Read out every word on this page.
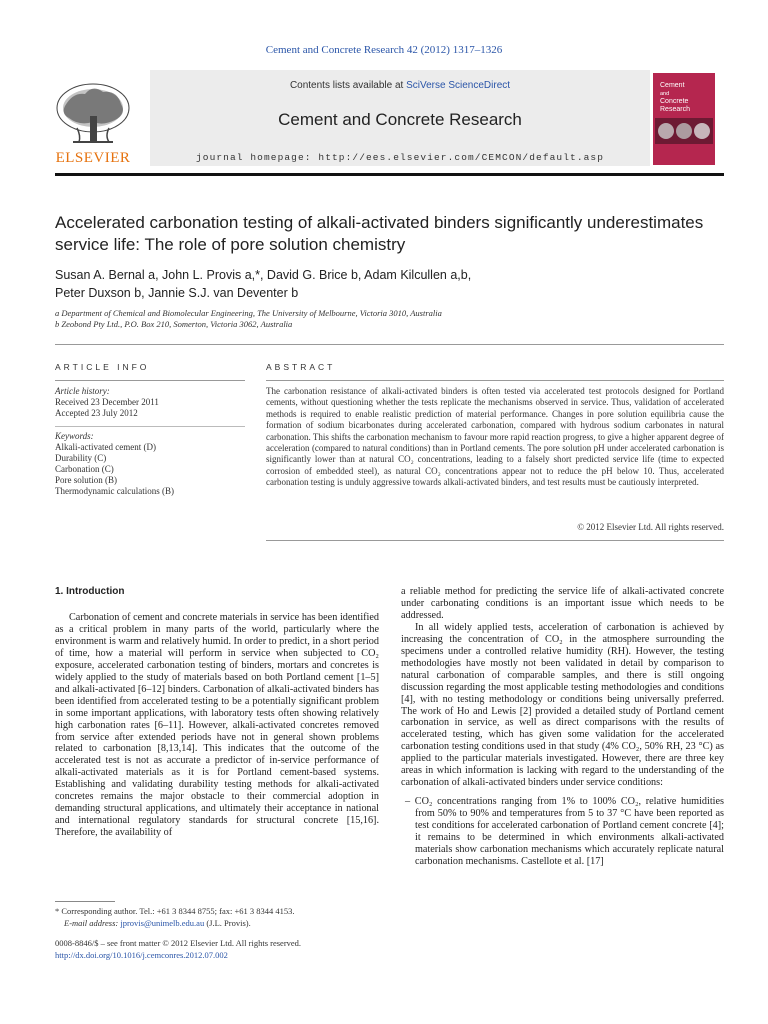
Cement and Concrete Research 42 (2012) 1317–1326
Contents lists available at SciVerse ScienceDirect
Cement and Concrete Research
journal homepage: http://ees.elsevier.com/CEMCON/default.asp
ELSEVIER
Cement
and
Concrete
Research
Accelerated carbonation testing of alkali-activated binders significantly underestimates service life: The role of pore solution chemistry
Susan A. Bernal a, John L. Provis a,*, David G. Brice b, Adam Kilcullen a,b,
Peter Duxson b, Jannie S.J. van Deventer b
a Department of Chemical and Biomolecular Engineering, The University of Melbourne, Victoria 3010, Australia
b Zeobond Pty Ltd., P.O. Box 210, Somerton, Victoria 3062, Australia
ARTICLE INFO	ABSTRACT
Article history:
Received 23 December 2011
Accepted 23 July 2012
Keywords:
Alkali-activated cement (D)
Durability (C)
Carbonation (C)
Pore solution (B)
Thermodynamic calculations (B)
The carbonation resistance of alkali-activated binders is often tested via accelerated test protocols designed for Portland cements, without questioning whether the tests replicate the mechanisms observed in service. Thus, validation of accelerated methods is required to enable realistic prediction of material performance. Changes in pore solution equilibria cause the formation of sodium bicarbonates during accelerated carbonation, compared with hydrous sodium carbonates in natural carbonation. This shifts the carbonation mechanism to favour more rapid reaction progress, to give a higher apparent degree of acceleration (compared to natural conditions) than in Portland cements. The pore solution pH under accelerated carbonation is significantly lower than at natural CO₂ concentrations, leading to a falsely short predicted service life (time to expected corrosion of embedded steel), as natural CO₂ concentrations appear not to reduce the pH below 10. Thus, accelerated carbonation testing is unduly aggressive towards alkali-activated binders, and test results must be cautiously interpreted.
© 2012 Elsevier Ltd. All rights reserved.
1. Introduction

Carbonation of cement and concrete materials in service has been identified as a critical problem in many parts of the world, particularly where the environment is warm and relatively humid. In order to predict, in a short period of time, how a material will perform in service when subjected to CO₂ exposure, accelerated carbonation testing of binders, mortars and concretes is widely applied to the study of materials based on both Portland cement [1–5] and alkali-activated [6–12] binders. Carbonation of alkali-activated binders has been identified from accelerated testing to be a potentially significant problem in some important applications, with laboratory tests often showing relatively high carbonation rates [6–11]. However, alkali-activated concretes removed from service after extended periods have not in general shown problems related to carbonation [8,13,14]. This indicates that the outcome of the accelerated test is not as accurate a predictor of in-service performance of alkali-activated materials as it is for Portland cement-based systems. Establishing and validating durability testing methods for alkali-activated concretes remains the major obstacle to their commercial adoption in demanding structural applications, and ultimately their acceptance in national and international regulatory standards for structural concrete [15,16]. Therefore, the availability of

a reliable method for predicting the service life of alkali-activated concrete under carbonating conditions is an important issue which needs to be addressed.

In all widely applied tests, acceleration of carbonation is achieved by increasing the concentration of CO₂ in the atmosphere surrounding the specimens under a controlled relative humidity (RH). However, the testing methodologies have mostly not been validated in detail by comparison to natural carbonation of comparable samples, and there is still ongoing discussion regarding the most applicable testing methodologies and conditions [4], with no testing methodology or conditions being universally preferred. The work of Ho and Lewis [2] provided a detailed study of Portland cement carbonation in service, as well as direct comparisons with the results of accelerated testing, which has given some validation for the accelerated carbonation testing conditions used in that study (4% CO₂, 50% RH, 23 °C) as applied to the particular materials investigated. However, there are three key areas in which information is lacking with regard to the understanding of the carbonation of alkali-activated binders under service conditions:

– CO₂ concentrations ranging from 1% to 100% CO₂, relative humidities from 50% to 90% and temperatures from 5 to 37 °C have been reported as test conditions for accelerated carbonation of Portland cement concrete [4]; it remains to be determined in which environments alkali-activated materials show carbonation mechanisms which accurately replicate natural carbonation mechanisms. Castellote et al. [17]

* Corresponding author. Tel.: +61 3 8344 8755; fax: +61 3 8344 4153.
E-mail address: jprovis@unimelb.edu.au (J.L. Provis).
0008-8846/$ – see front matter © 2012 Elsevier Ltd. All rights reserved.
http://dx.doi.org/10.1016/j.cemconres.2012.07.002
